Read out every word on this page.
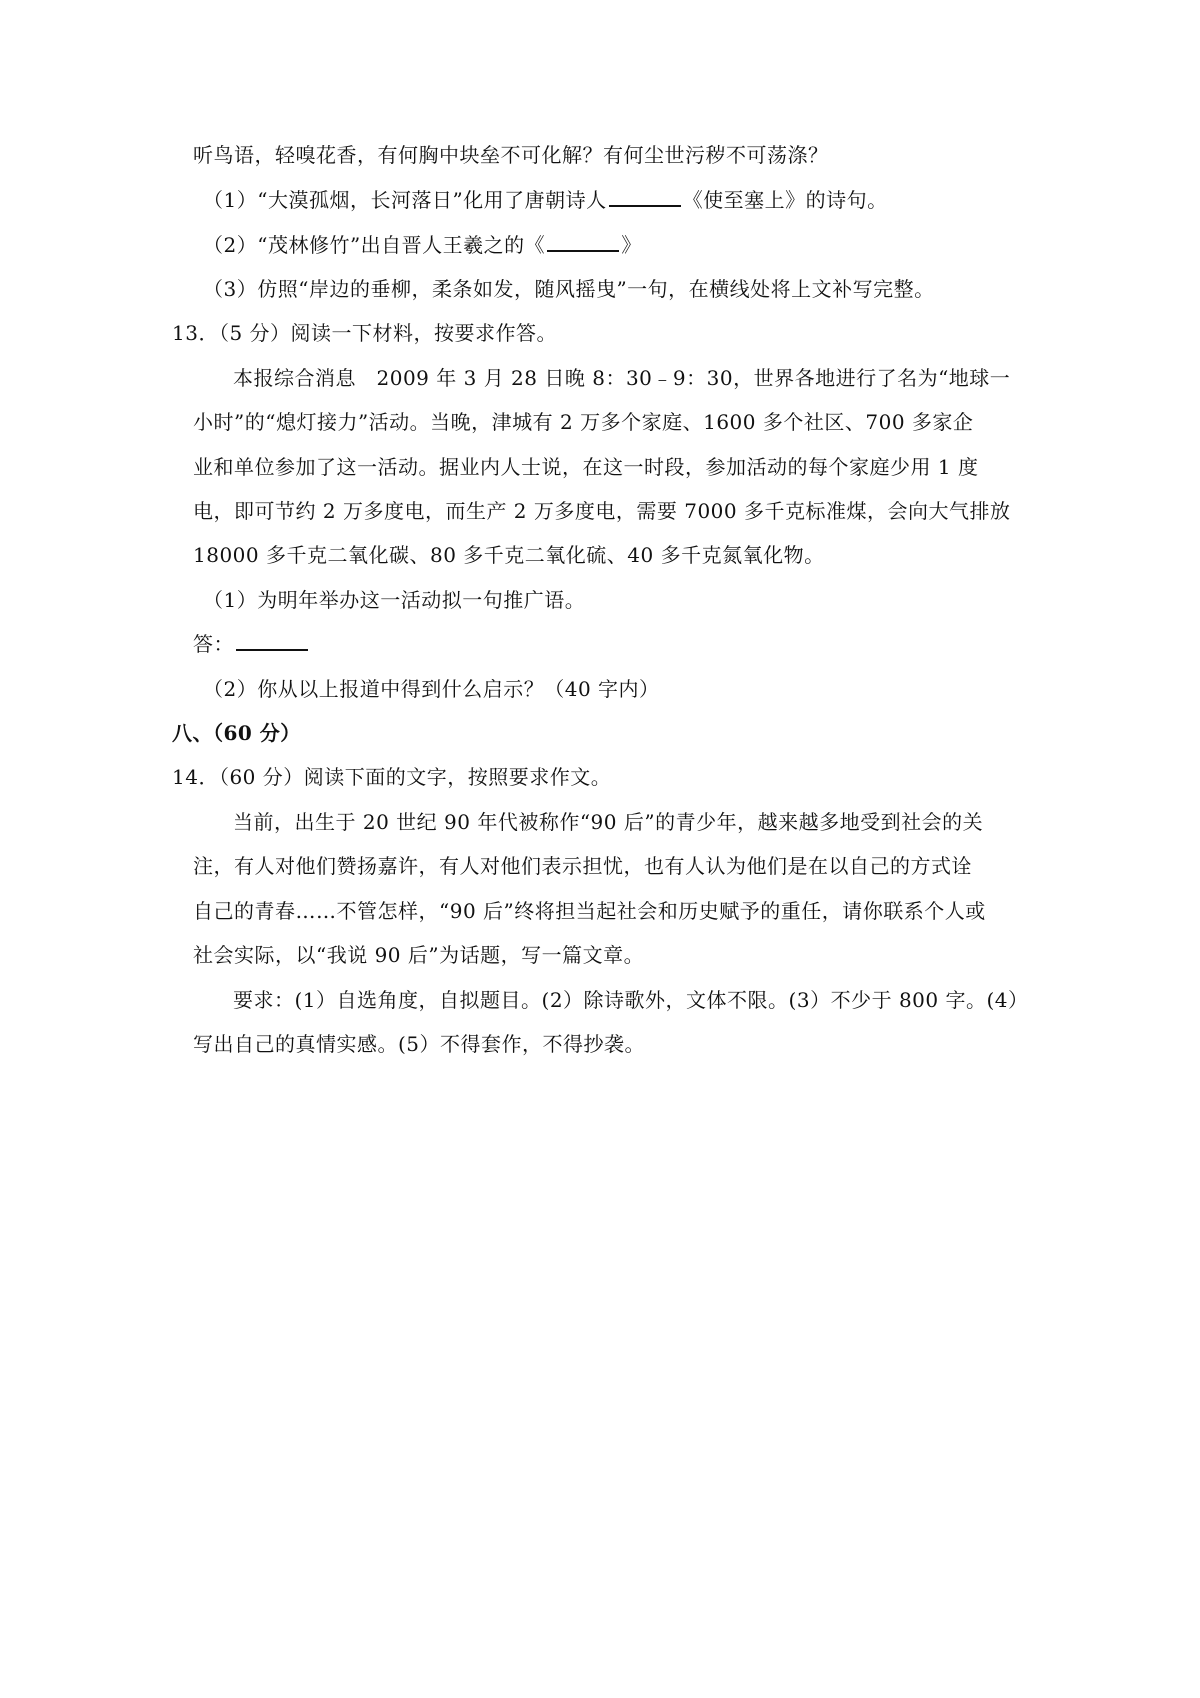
听鸟语，轻嗅花香，有何胸中块垒不可化解？有何尘世污秽不可荡涤？
（1）“大漠孤烟，长河落日”化用了唐朝诗人	《使至塞上》的诗句。
（2）“茂林修竹”出自晋人王羲之的《	》
（3）仿照“岸边的垂柳，柔条如发，随风摇曳”一句，在横线处将上文补写完整。
13．（5 分）阅读一下材料，按要求作答。
本报综合消息　2009 年 3 月 28 日晚 8：30﹣9：30，世界各地进行了名为“地球一
小时”的“熄灯接力”活动。当晚，津城有 2 万多个家庭、1600 多个社区、700 多家企
业和单位参加了这一活动。据业内人士说，在这一时段，参加活动的每个家庭少用 1 度
电，即可节约 2 万多度电，而生产 2 万多度电，需要 7000 多千克标准煤，会向大气排放
18000 多千克二氧化碳、80 多千克二氧化硫、40 多千克氮氧化物。
（1）为明年举办这一活动拟一句推广语。
答：
（2）你从以上报道中得到什么启示？（40 字内）
八、（60 分）
14．（60 分）阅读下面的文字，按照要求作文。
当前，出生于 20 世纪 90 年代被称作“90 后”的青少年，越来越多地受到社会的关
注，有人对他们赞扬嘉许，有人对他们表示担忧，也有人认为他们是在以自己的方式诠
自己的青春……不管怎样，“90 后”终将担当起社会和历史赋予的重任，请你联系个人或
社会实际，以“我说 90 后”为话题，写一篇文章。
要求：(1）自选角度，自拟题目。(2）除诗歌外，文体不限。(3）不少于 800 字。(4）
写出自己的真情实感。(5）不得套作，不得抄袭。
